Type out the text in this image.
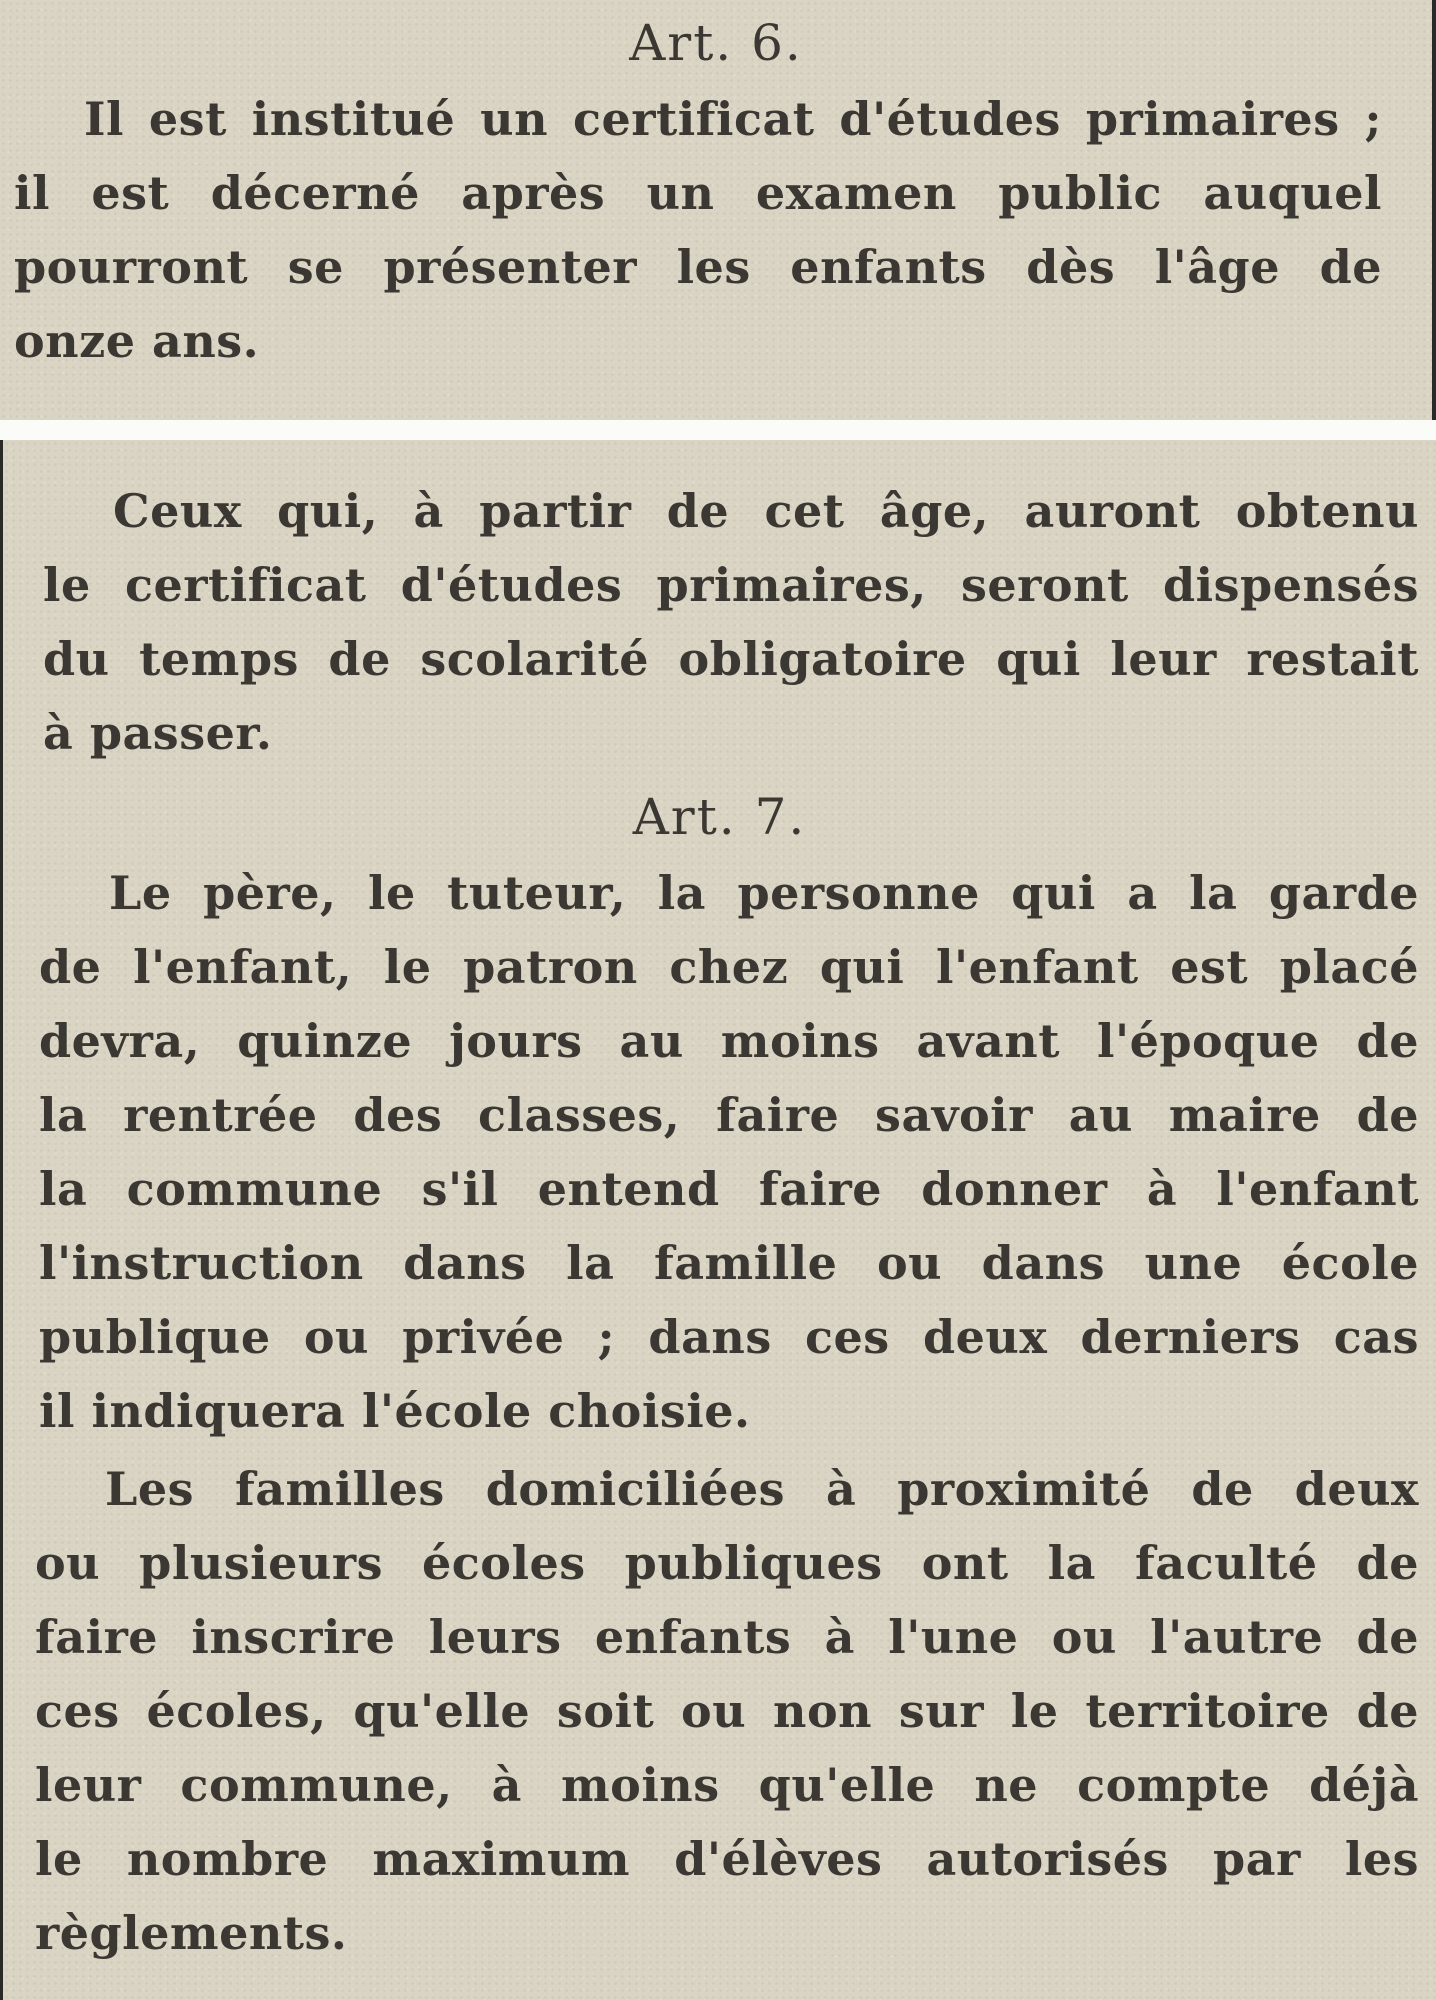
Art. 6.

Il est institué un certificat d'études primaires ;
il est décerné après un examen public auquel
pourront se présenter les enfants dès l'âge de
onze ans.

Ceux qui, à partir de cet âge, auront obtenu
le certificat d'études primaires, seront dispensés
du temps de scolarité obligatoire qui leur restait
à passer.

Art. 7.

Le père, le tuteur, la personne qui a la garde
de l'enfant, le patron chez qui l'enfant est placé
devra, quinze jours au moins avant l'époque de
la rentrée des classes, faire savoir au maire de
la commune s'il entend faire donner à l'enfant
l'instruction dans la famille ou dans une école
publique ou privée ; dans ces deux derniers cas
il indiquera l'école choisie.

Les familles domiciliées à proximité de deux
ou plusieurs écoles publiques ont la faculté de
faire inscrire leurs enfants à l'une ou l'autre de
ces écoles, qu'elle soit ou non sur le territoire de
leur commune, à moins qu'elle ne compte déjà
le nombre maximum d'élèves autorisés par les
règlements.
